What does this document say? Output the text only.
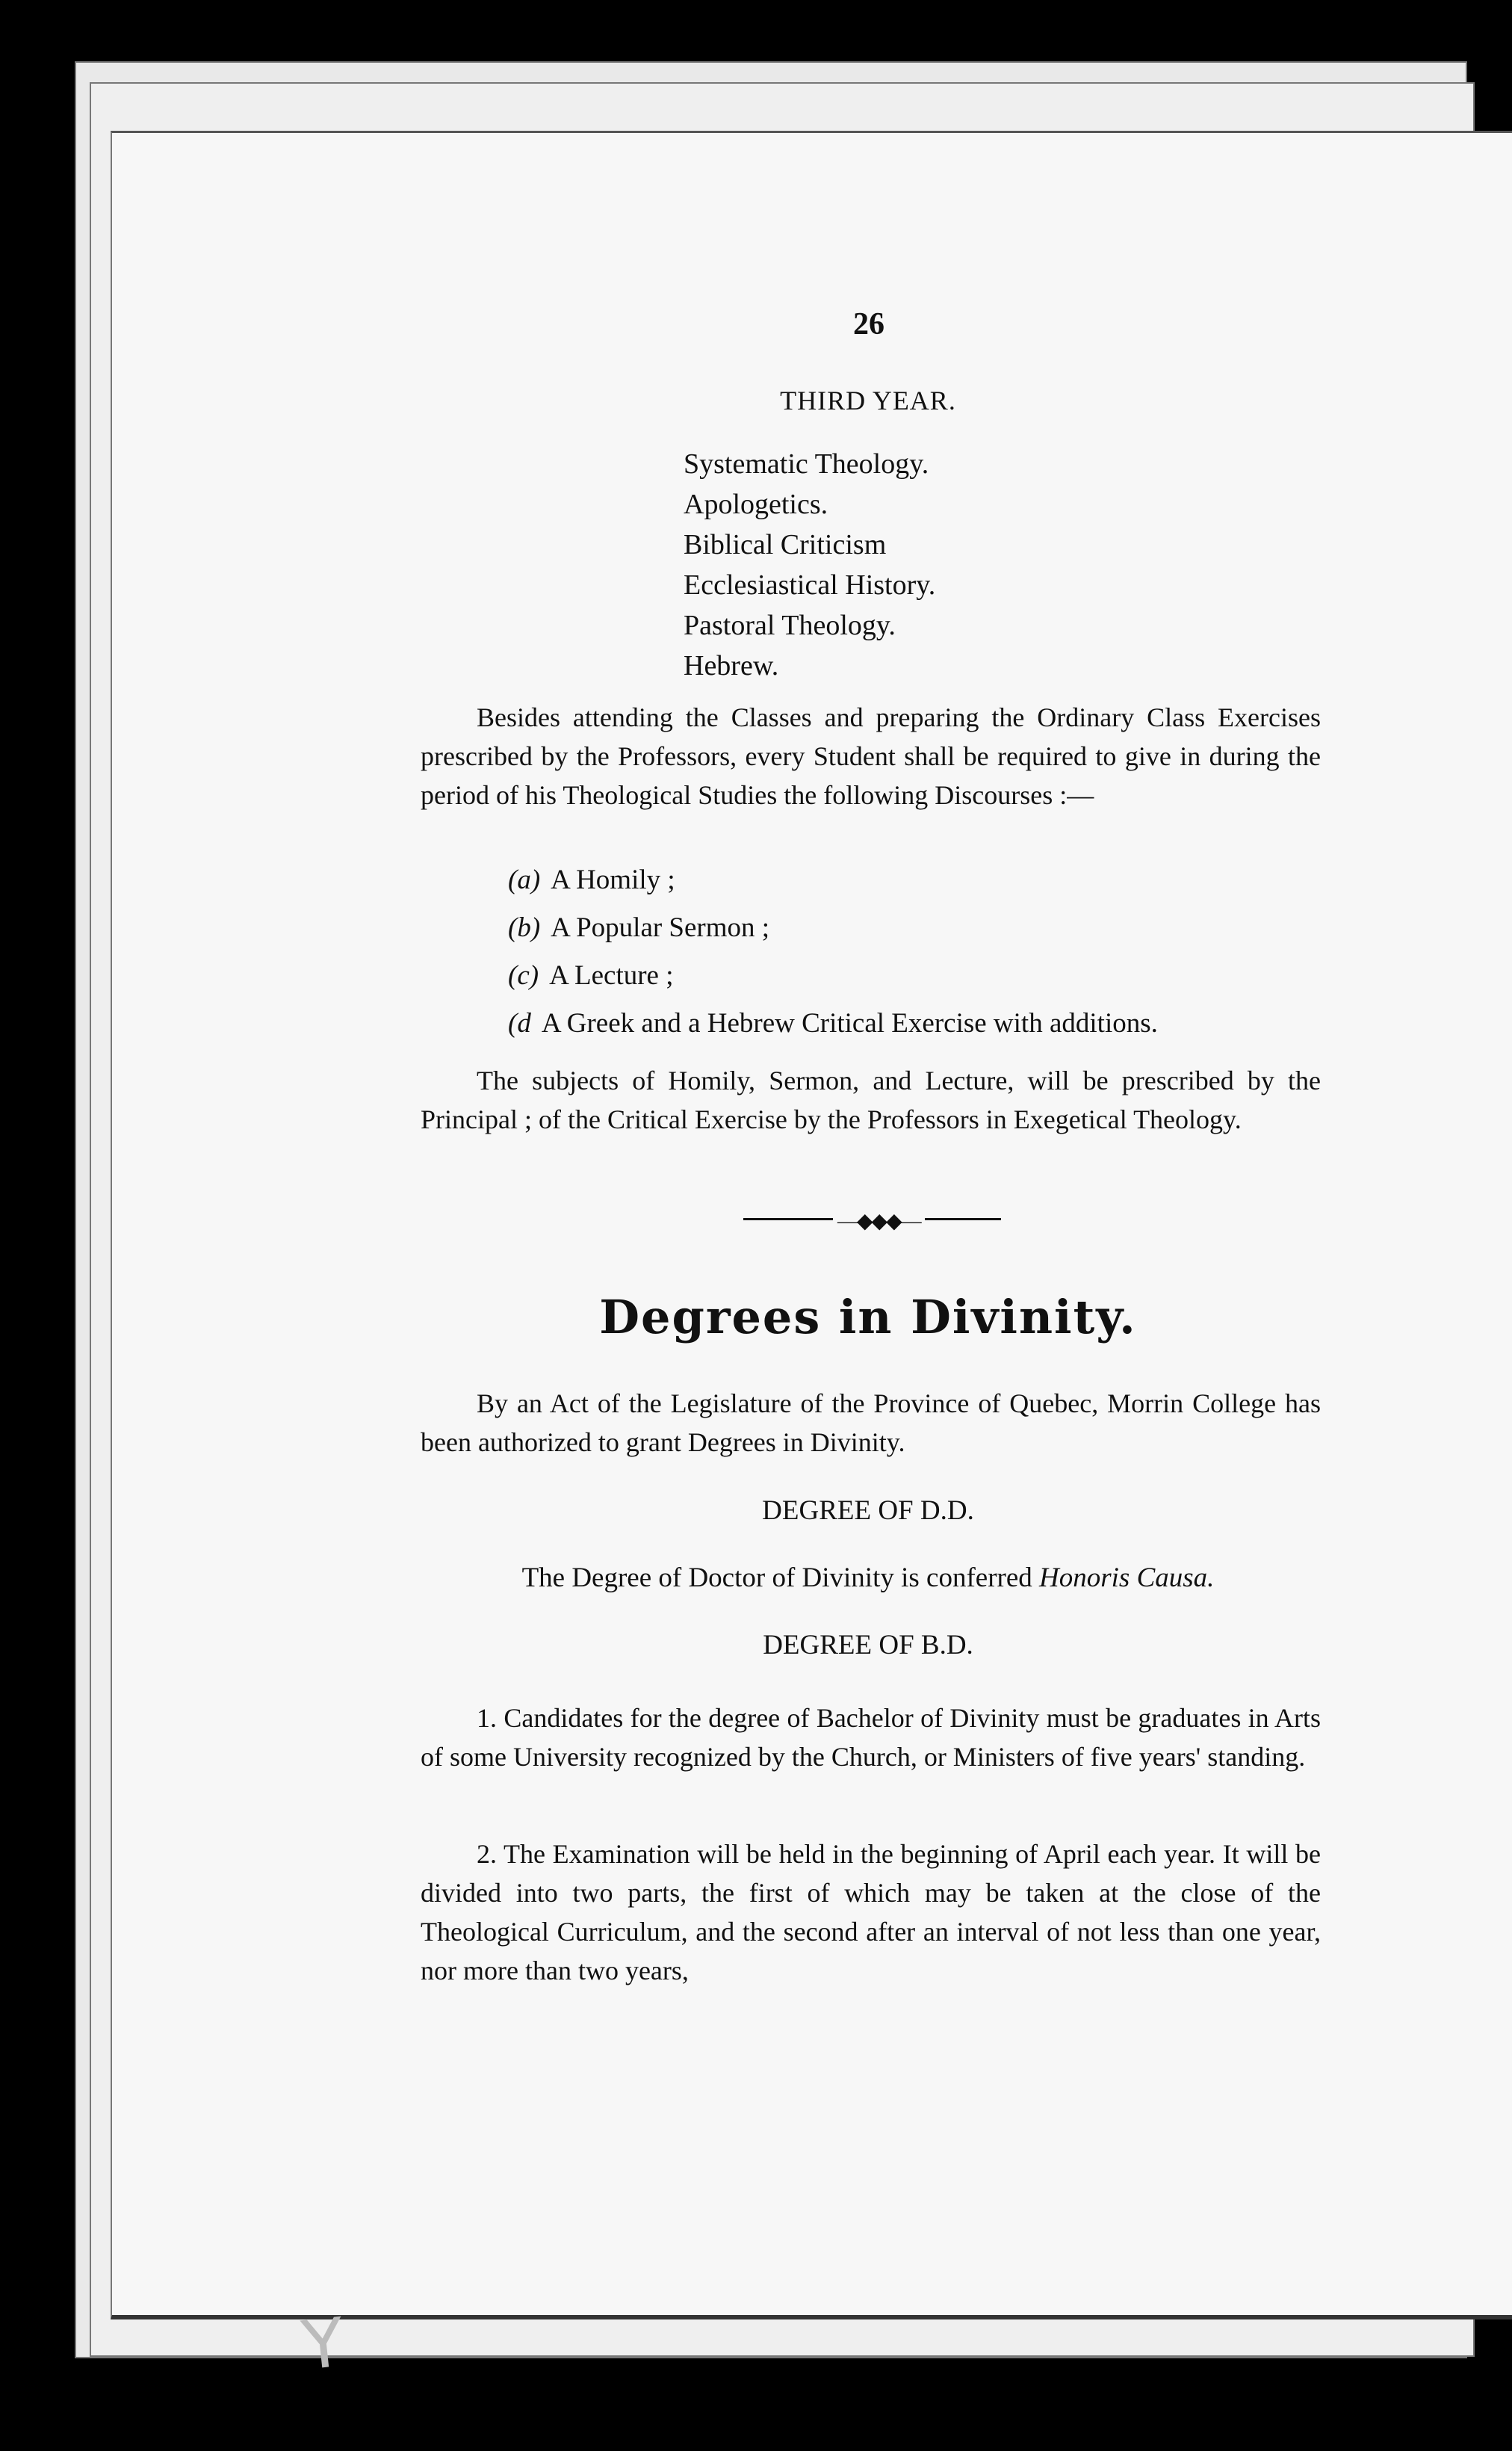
26
THIRD YEAR.
Systematic Theology.
Apologetics.
Biblical Criticism
Ecclesiastical History.
Pastoral Theology.
Hebrew.

Besides attending the Classes and preparing the Ordinary Class Exercises prescribed by the Professors, every Student shall be required to give in during the period of his Theological Studies the following Discourses :—

(a) A Homily ;
(b) A Popular Sermon ;
(c) A Lecture ;
(d A Greek and a Hebrew Critical Exercise with additions.

The subjects of Homily, Sermon, and Lecture, will be prescribed by the Principal ; of the Critical Exercise by the Professors in Exegetical Theology.

—◆◆◆—
Degrees in Divinity.

By an Act of the Legislature of the Province of Quebec, Morrin College has been authorized to grant Degrees in Divinity.

DEGREE OF D.D.
The Degree of Doctor of Divinity is conferred Honoris Causa.
DEGREE OF B.D.

1. Candidates for the degree of Bachelor of Divinity must be graduates in Arts of some University recognized by the Church, or Ministers of five years' standing.

2. The Examination will be held in the beginning of April each year. It will be divided into two parts, the first of which may be taken at the close of the Theological Curriculum, and the second after an interval of not less than one year, nor more than two years,

Y
